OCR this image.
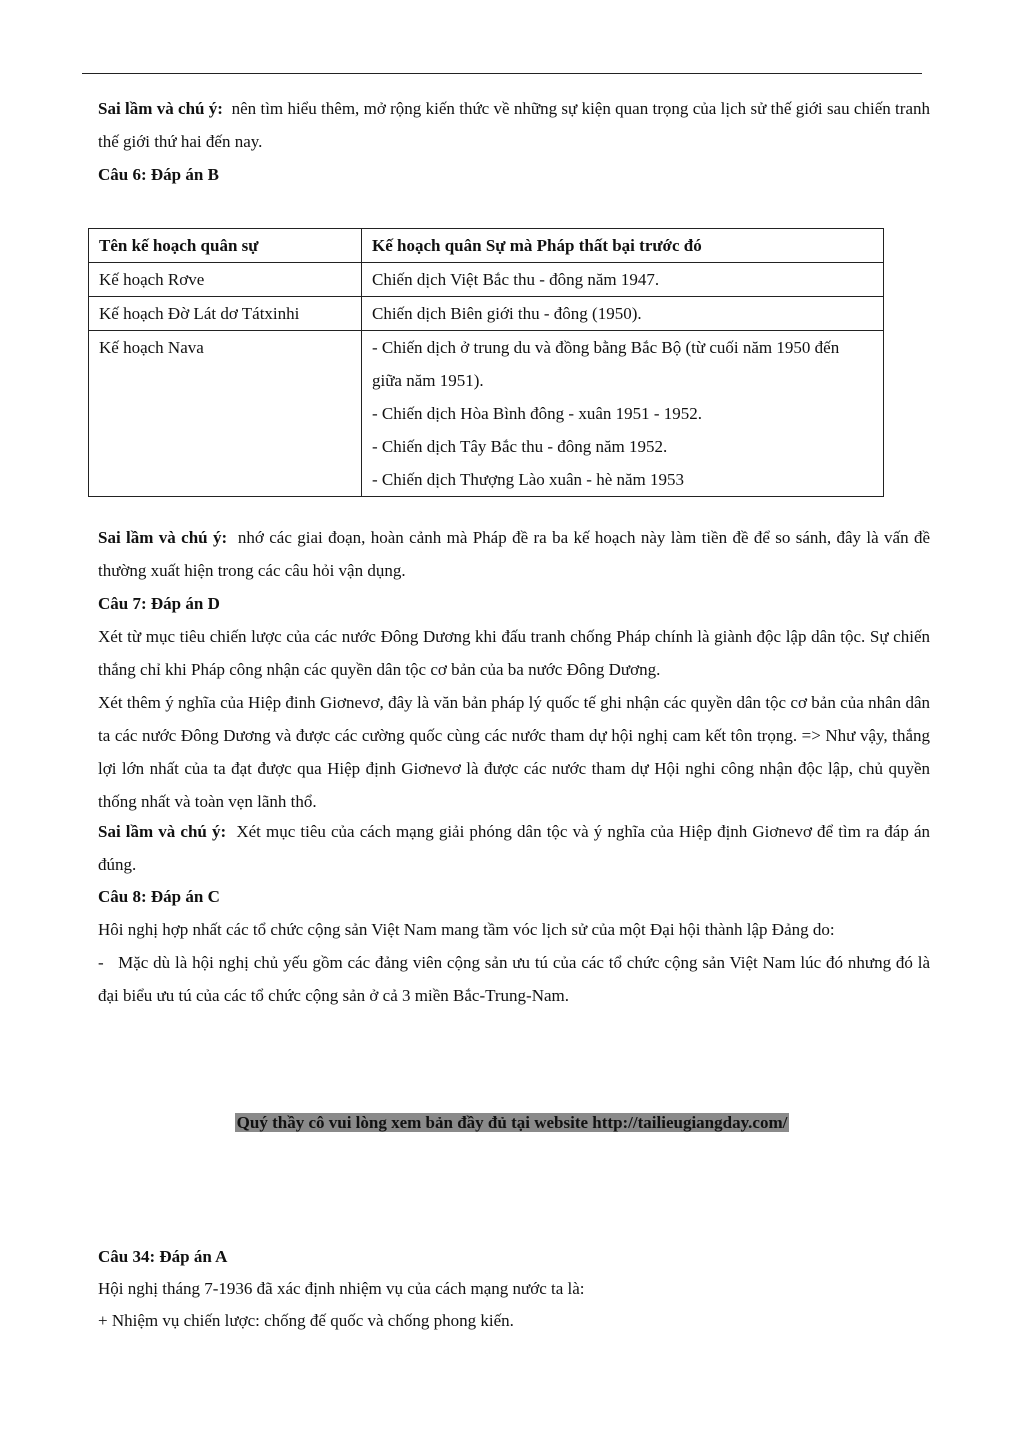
Sai lầm và chú ý: nên tìm hiểu thêm, mở rộng kiến thức về những sự kiện quan trọng của lịch sử thế giới sau chiến tranh thế giới thứ hai đến nay.
Câu 6: Đáp án B
Tên kế hoạch quân sự	Kế hoạch quân Sự mà Pháp thất bại trước đó
Kế hoạch Rơve	Chiến dịch Việt Bắc thu - đông năm 1947.
Kế hoạch Đờ Lát dơ Tátxinhi	Chiến dịch Biên giới thu - đông (1950).
Kế hoạch Nava	- Chiến dịch ở trung du và đồng bằng Bắc Bộ (từ cuối năm 1950 đến giữa năm 1951).
- Chiến dịch Hòa Bình đông - xuân 1951 - 1952.
- Chiến dịch Tây Bắc thu - đông năm 1952.
- Chiến dịch Thượng Lào xuân - hè năm 1953
Sai lầm và chú ý: nhớ các giai đoạn, hoàn cảnh mà Pháp đề ra ba kế hoạch này làm tiền đề để so sánh, đây là vấn đề thường xuất hiện trong các câu hỏi vận dụng.
Câu 7: Đáp án D
Xét từ mục tiêu chiến lược của các nước Đông Dương khi đấu tranh chống Pháp chính là giành độc lập dân tộc. Sự chiến thắng chỉ khi Pháp công nhận các quyền dân tộc cơ bản của ba nước Đông Dương.
Xét thêm ý nghĩa của Hiệp đinh Giơnevơ, đây là văn bản pháp lý quốc tế ghi nhận các quyền dân tộc cơ bản của nhân dân ta các nước Đông Dương và được các cường quốc cùng các nước tham dự hội nghị cam kết tôn trọng. => Như vậy, thắng lợi lớn nhất của ta đạt được qua Hiệp định Giơnevơ là được các nước tham dự Hội nghi công nhận độc lập, chủ quyền thống nhất và toàn vẹn lãnh thổ.
Sai lầm và chú ý: Xét mục tiêu của cách mạng giải phóng dân tộc và ý nghĩa của Hiệp định Giơnevơ để tìm ra đáp án đúng.
Câu 8: Đáp án C
Hôi nghị hợp nhất các tổ chức cộng sản Việt Nam mang tầm vóc lịch sử của một Đại hội thành lập Đảng do:
-   Mặc dù là hội nghị chủ yếu gồm các đảng viên cộng sản ưu tú của các tổ chức cộng sản Việt Nam lúc đó nhưng đó là đại biểu ưu tú của các tổ chức cộng sản ở cả 3 miền Bắc-Trung-Nam.
Quý thầy cô vui lòng xem bản đầy đủ tại website http://tailieugiangday.com/
Câu 34: Đáp án A
Hội nghị tháng 7-1936 đã xác định nhiệm vụ của cách mạng nước ta là:
+ Nhiệm vụ chiến lược: chống đế quốc và chống phong kiến.
